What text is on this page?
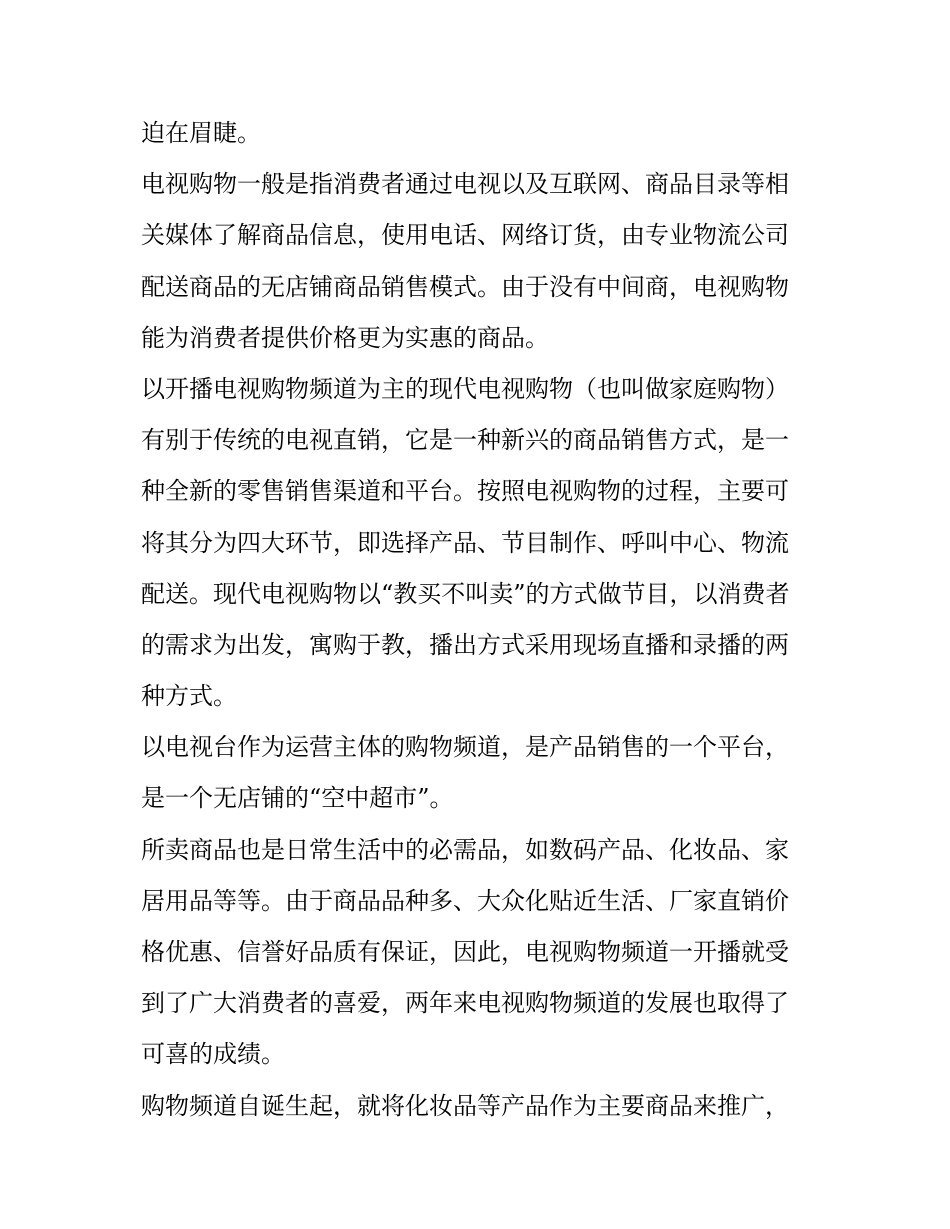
迫在眉睫。
电视购物一般是指消费者通过电视以及互联网、商品目录等相
关媒体了解商品信息，使用电话、网络订货，由专业物流公司
配送商品的无店铺商品销售模式。由于没有中间商，电视购物
能为消费者提供价格更为实惠的商品。
以开播电视购物频道为主的现代电视购物（也叫做家庭购物）
有别于传统的电视直销，它是一种新兴的商品销售方式，是一
种全新的零售销售渠道和平台。按照电视购物的过程，主要可
将其分为四大环节，即选择产品、节目制作、呼叫中心、物流
配送。现代电视购物以“教买不叫卖”的方式做节目，以消费者
的需求为出发，寓购于教，播出方式采用现场直播和录播的两
种方式。
以电视台作为运营主体的购物频道，是产品销售的一个平台，
是一个无店铺的“空中超市”。
所卖商品也是日常生活中的必需品，如数码产品、化妆品、家
居用品等等。由于商品品种多、大众化贴近生活、厂家直销价
格优惠、信誉好品质有保证，因此，电视购物频道一开播就受
到了广大消费者的喜爱，两年来电视购物频道的发展也取得了
可喜的成绩。
购物频道自诞生起，就将化妆品等产品作为主要商品来推广，
